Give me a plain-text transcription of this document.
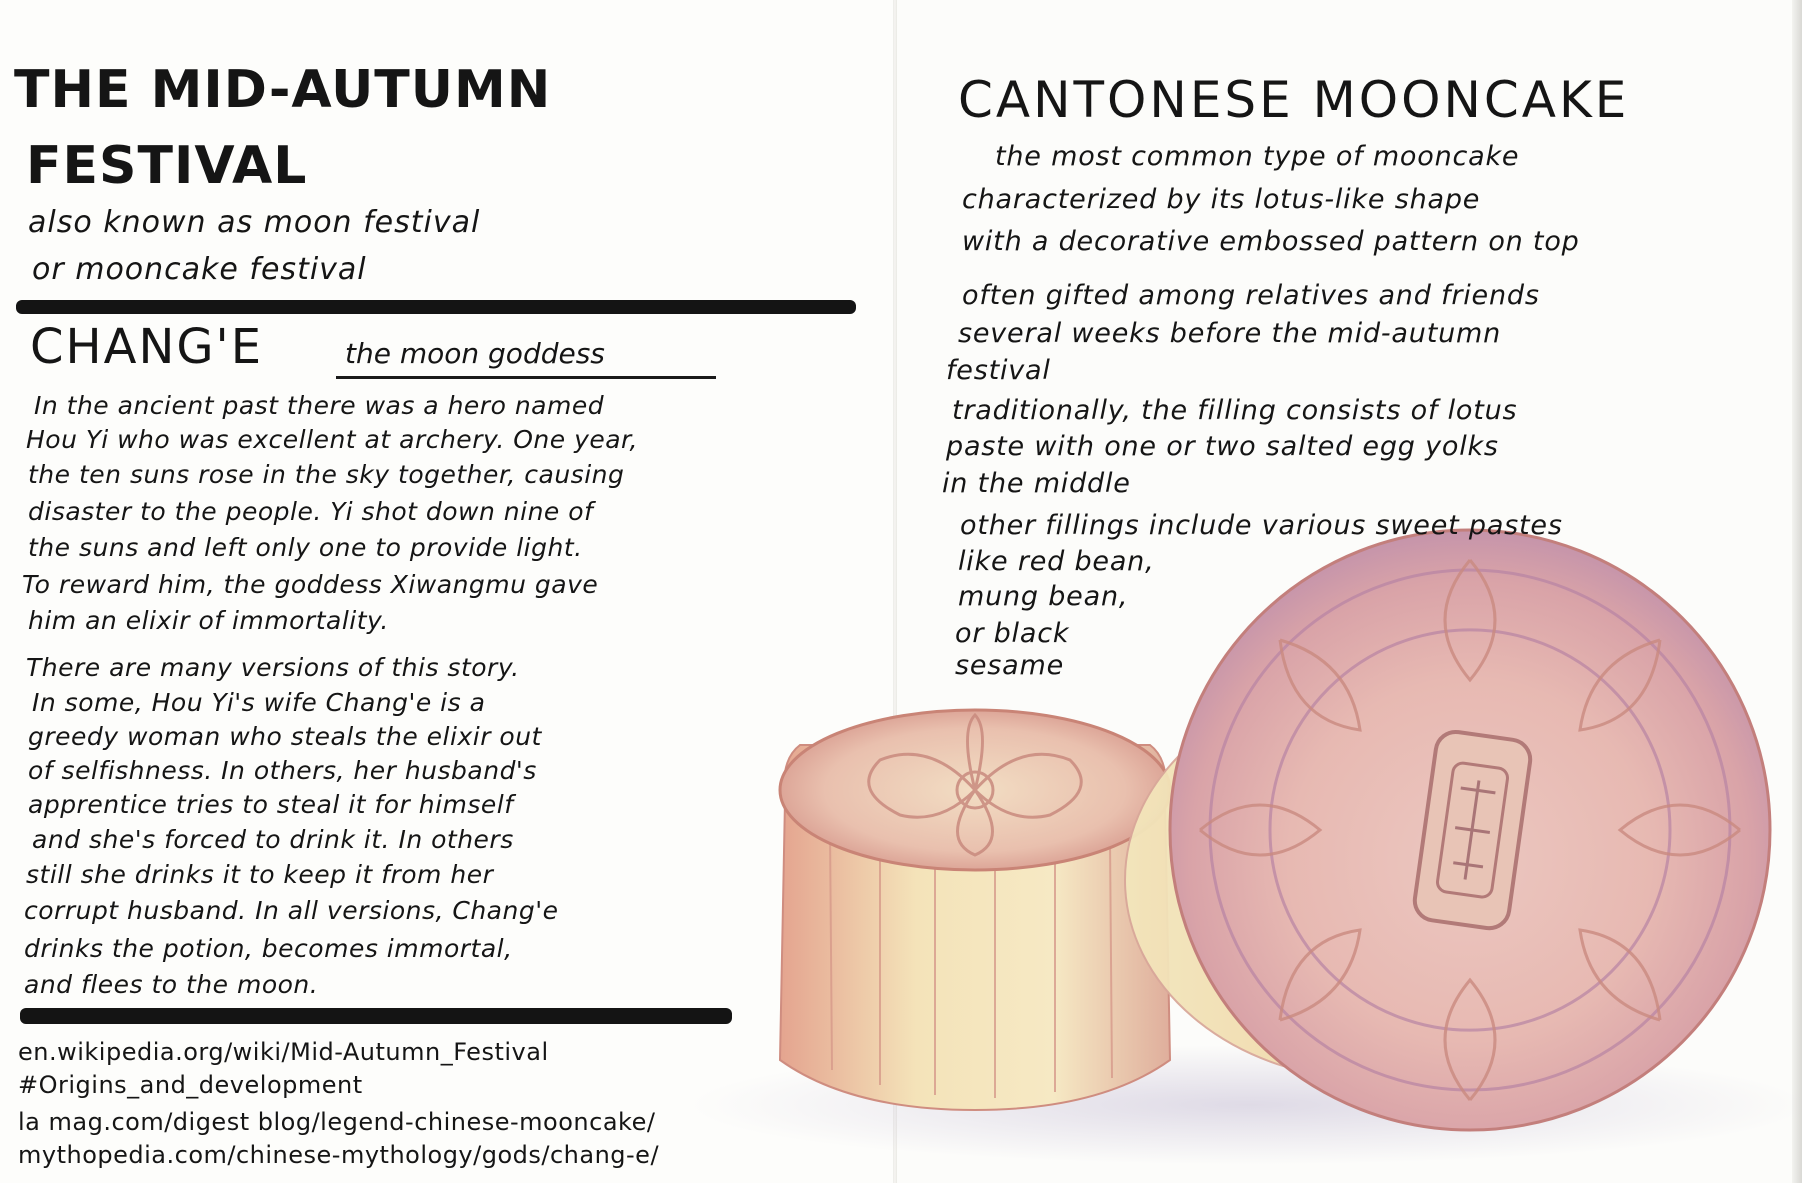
THE MID-AUTUMN
FESTIVAL
also known as moon festival
or mooncake festival
CHANG'E	the moon goddess
In the ancient past there was a hero named
Hou Yi who was excellent at archery. One year,
the ten suns rose in the sky together, causing
disaster to the people. Yi shot down nine of
the suns and left only one to provide light.
To reward him, the goddess Xiwangmu gave
him an elixir of immortality.
There are many versions of this story.
In some, Hou Yi's wife Chang'e is a
greedy woman who steals the elixir out
of selfishness. In others, her husband's
apprentice tries to steal it for himself
and she's forced to drink it. In others
still she drinks it to keep it from her
corrupt husband. In all versions, Chang'e
drinks the potion, becomes immortal,
and flees to the moon.
en.wikipedia.org/wiki/Mid-Autumn_Festival
#Origins_and_development
la mag.com/digest blog/legend-chinese-mooncake/
mythopedia.com/chinese-mythology/gods/chang-e/
CANTONESE MOONCAKE
the most common type of mooncake
characterized by its lotus-like shape
with a decorative embossed pattern on top
often gifted among relatives and friends
several weeks before the mid-autumn
festival
traditionally, the filling consists of lotus
paste with one or two salted egg yolks
in the middle
other fillings include various sweet pastes
like red bean,
mung bean,
or black
sesame
